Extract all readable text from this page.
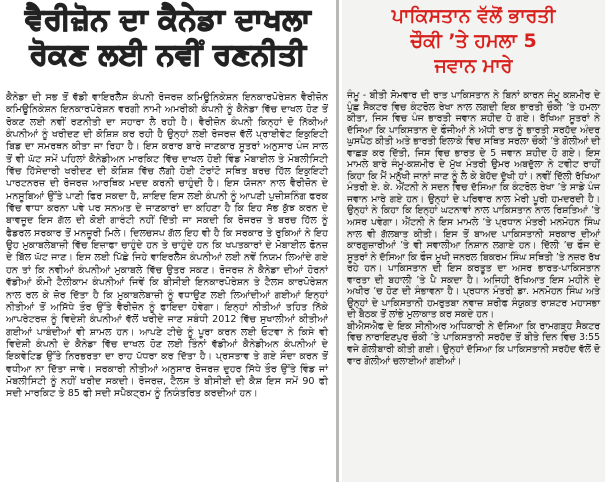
ਵੈਰੀਜ਼ੋਨ ਦਾ ਕੈਨੇਡਾ ਦਾਖਲਾ
ਰੋਕਣ ਲਈ ਨਵੀਂ ਰਣਨੀਤੀ
ਕੈਨੇਡਾ ਦੀ ਸਭ ਤੋਂ ਵੱਡੀ ਵਾਇਰਲੈੱਸ ਕੰਪਨੀ ਰੋਜਰਜ਼ ਕਮਿਊਨਿਕੇਸ਼ਨ ਇਨਕਾਰਪੋਰੇਸ਼ਨ ਵੈਰੀਜ਼ੋਨ ਕਮਿਊਨਿਕੇਸ਼ਨ ਇਨਕਾਰਪੋਰੇਸ਼ਨ ਵਰਗੀ ਨਾਮੀ ਅਮਰੀਕੀ ਕੰਪਨੀ ਨੂੰ ਕੈਨੇਡਾ ਵਿੱਚ ਦਾਖਲ ਹੋਣ ਤੋਂ ਰੋਕਣ ਲਈ ਨਵੀਂ ਰਣਨੀਤੀ ਦਾ ਸਹਾਰਾ ਲੈ ਰਹੀ ਹੈ। ਵੈਰੀਜ਼ੋਨ ਕੰਪਨੀ ਕਿਨ੍ਹਾਂ ਦੋ ਨਿੱਕੀਆਂ ਕੰਪਨੀਆਂ ਨੂੰ ਖਰੀਦਣ ਦੀ ਕੋਸ਼ਿਸ਼ ਕਰ ਰਹੀ ਹੈ ਉਨ੍ਹਾਂ ਲਈ ਰੋਜਰਜ਼ ਵੱਲੋਂ ਪ੍ਰਾਈਵੇਟ ਇਕੁਇਟੀ ਬਿਡ ਦਾ ਸਮਰਥਨ ਕੀਤਾ ਜਾ ਰਿਹਾ ਹੈ। ਇਸ ਕਰਾਰ ਬਾਰੇ ਜਾਣਕਾਰ ਸੂਤਰਾਂ ਅਨੁਸਾਰ ਪੰਜ ਸਾਲ ਤੋਂ ਵੀ ਘੱਟ ਸਮੇਂ ਪਹਿਲਾਂ ਕੈਨੇਡੀਅਨ ਮਾਰਕਿਟ ਵਿੱਚ ਦਾਖਲ ਹੋਈ ਵਿੰਡ ਮੋਬਾਈਲ ਤੇ ਮੋਬਲੀਸਿਟੀ ਵਿੱਚ ਹਿੱਸੇਦਾਰੀ ਖਰੀਦਣ ਦੀ ਕੋਸ਼ਿਸ਼ ਵਿੱਚ ਲੱਗੀ ਹੋਈ ਟੋਰਾਂਟੋ ਸਥਿਤ ਬਰਚ ਹਿੱਲ ਇਕੁਇਟੀ ਪਾਰਟਨਰਜ਼ ਦੀ ਰੋਜਰਜ਼ ਆਰਥਿਕ ਮਦਦ ਕਰਨੀ ਚਾਹੁੰਦੀ ਹੈ। ਇਸ ਯੋਜਨਾ ਨਾਲ ਵੈਰੀਜ਼ੋਨ ਦੇ ਮਨਸੂਬਿਆਂ ਉੱਤੇ ਪਾਣੀ ਫਿਰ ਸਕਦਾ ਹੈ, ਸ਼ਾਇਦ ਇਸ ਲਈ ਕੰਪਨੀ ਨੂੰ ਆਪਣੀ ਪੁਜ਼ੀਸ਼ਨਿੰਗ ਫਰਕ ਵਿੱਚ ਵਾਧਾ ਕਰਨਾ ਪਵੇ ਪਰ ਸਨਅਤ ਦੇ ਜਾਣਕਾਰਾਂ ਦਾ ਕਹਿਣਾ ਹੈ ਕਿ ਇਹ ਸੱਭ ਕੁੱਝ ਕਰਨ ਦੇ ਬਾਵਜੂਦ ਇਸ ਗੱਲ ਦੀ ਕੋਈ ਗਾਰੰਟੀ ਨਹੀਂ ਦਿੱਤੀ ਜਾ ਸਕਦੀ ਕਿ ਰੋਜਰਜ਼ ਤੇ ਬਰਚ ਹਿੱਲ ਨੂੰ ਫੈਡਰਲ ਸਰਕਾਰ ਤੋਂ ਮਨਜ਼ੂਰੀ ਮਿਲੇ। ਦਿਲਚਸਪ ਗੱਲ ਇਹ ਵੀ ਹੈ ਕਿ ਸਰਕਾਰ ਤੇ ਰੁਕਿਆਂ ਨੇ ਇਹ ਉਹ ਮੁਕਾਬਲੇਬਾਜ਼ੀ ਵਿੱਚ ਇਜ਼ਾਫਾ ਚਾਹੁੰਦੇ ਹਨ ਤੇ ਚਾਹੁੰਦੇ ਹਨ ਕਿ ਖਪਤਕਾਰਾਂ ਦੇ ਮੋਬਾਈਲ ਫੋਨਜ਼ ਦੇ ਬਿੱਲ ਘੱਟ ਜਾਣ। ਇਸ ਲਈ ਪਿੱਛੇ ਜਿਹੇ ਵਾਇਰਲੈੱਸ ਕੰਪਨੀਆਂ ਲਈ ਨਵੇਂ ਨਿਯਮ ਲਿਆਂਦੇ ਗਏ ਹਨ ਤਾਂ ਕਿ ਨਵੀਆਂ ਕੰਪਨੀਆਂ ਮੁਕਾਬਲੇ ਵਿੱਚ ਉਤਰ ਸਕਣ। ਰੋਜਰਜ਼ ਨੇ ਕੈਨੇਡਾ ਦੀਆਂ ਹੋਰਨਾਂ ਵੱਡੀਆਂ ਕੌਮੀ ਟੈਲੀਕਾਮ ਕੰਪਨੀਆਂ ਜਿਵੇਂ ਕਿ ਬੀਸੀਈ ਇਨਕਾਰਪੋਰੇਸ਼ਨ ਤੇ ਟੈਲਸ ਕਾਰਪੋਰੇਸ਼ਨ ਨਾਲ ਰਲ ਕੇ ਜ਼ੋਰ ਦਿੱਤਾ ਹੈ ਕਿ ਮੁਕਾਬਲੇਬਾਜ਼ੀ ਨੂੰ ਵਧਾਉਣ ਲਈ ਲਿਆਂਦੀਆਂ ਗਈਆਂ ਇਨ੍ਹਾਂ ਨੀਤੀਆਂ ਤੋਂ ਅਸਿੱਧੇ ਤੌਰ ਉੱਤੇ ਵੈਰੀਜ਼ੋਨ ਨੂੰ ਫਾਇਦਾ ਹੋਵੇਗਾ। ਇਨ੍ਹਾਂ ਨੀਤੀਆਂ ਤਹਿਤ ਨਿੱਕੇ ਆਪਰੇਟਰਜ਼ ਨੂੰ ਵਿਦੇਸ਼ੀ ਕੰਪਨੀਆਂ ਵੱਲੋਂ ਖਰੀਦੇ ਜਾਣ ਸਬੰਧੀ 2012 ਵਿੱਚ ਸੁਖਾਲੀਆਂ ਕੀਤੀਆਂ ਗਈਆਂ ਪਾਬੰਦੀਆਂ ਵੀ ਸ਼ਾਮਲ ਹਨ। ਆਪਣੇ ਟੀਚੇ ਨੂੰ ਪੂਰਾ ਕਰਨ ਲਈ ਓਟਵਾ ਨੇ ਕਿਸੇ ਵੀ ਵਿਦੇਸ਼ੀ ਕੰਪਨੀ ਦੇ ਕੈਨੇਡਾ ਵਿੱਚ ਦਾਖਲ ਹੋਣ ਲਈ ਤਿੰਨਾਂ ਵੱਡੀਆਂ ਕੈਨੇਡੀਅਨ ਕੰਪਨੀਆਂ ਦੇ ਇਕਵੇਟਿਡ ਉੱਤੇ ਨਿਰਭਰਤਾ ਦਾ ਰਾਹ ਪੱਧਰਾ ਕਰ ਦਿੱਤਾ ਹੈ। ਪ੍ਰਸਤਾਵ ਤੇ ਗਏ ਸੌਦਾ ਕਰਨ ਤੋਂ ਵਧੀਆ ਨਾ ਦਿੱਤਾ ਜਾਵੇ। ਸਰਕਾਰੀ ਨੀਤੀਆਂ ਅਨੁਸਾਰ ਰੋਜਰਜ਼ ਦੁਹਰ ਸਿੱਧੇ ਤੌਰ ਉੱਤੇ ਵਿੰਡ ਜਾਂ ਮੋਬਲੀਸਿਟੀ ਨੂੰ ਨਹੀਂ ਖਰੀਦ ਸਕਦੀ। ਰੋਜਰਜ਼, ਟੈਲਸ ਤੇ ਬੀਸੀਈ ਦੀ ਕੈਸ਼ ਇਸ ਸਮੇਂ 90 ਫੀ ਸਦੀ ਮਾਰਕਿਟ ਤੇ 85 ਫੀ ਸਦੀ ਸਪੈਕਟ੍ਰਮ ਨੂੰ ਨਿਯੰਤਰਿਤ ਕਰਦੀਆਂ ਹਨ।
ਪਾਕਿਸਤਾਨ ਵੱਲੋਂ ਭਾਰਤੀ
ਚੌਕੀ ’ਤੇ ਹਮਲਾ 5
ਜਵਾਨ ਮਾਰੇ

ਜੰਮੂ - ਬੀਤੀ ਸੋਮਵਾਰ ਦੀ ਰਾਤ ਪਾਕਿਸਤਾਨ ਨੇ ਬਿਨਾਂ ਕਾਰਨ ਜੰਮੂ ਕਸ਼ਮੀਰ ਦੇ ਪੁੰਛ ਸੈਕਟਰ ਵਿਚ ਕੰਟਰੋਲ ਰੇਖਾ ਨਾਲ ਲਗਦੀ ਇਕ ਭਾਰਤੀ ਚੌਕੀ ’ਤੇ ਹਮਲਾ ਕੀਤਾ, ਜਿਸ ਵਿਚ ਪੰਜ ਭਾਰਤੀ ਜਵਾਨ ਸ਼ਹੀਦ ਹੋ ਗਏ। ਰੱਖਿਆ ਸੂਤਰਾਂ ਨੇ ਦੱਸਿਆ ਕਿ ਪਾਕਿਸਤਾਨ ਦੇ ਫੌਜੀਆਂ ਨੇ ਅੱਧੀ ਰਾਤ ਨੂੰ ਭਾਰਤੀ ਸਰਹੱਦ ਅੰਦਰ ਘੁਸਪੈਠ ਕੀਤੀ ਅਤੇ ਭਾਰਤੀ ਇਲਾਕੇ ਵਿਚ ਸਥਿਤ ਸਰਲਾ ਚੌਕੀ ’ਤੇ ਗੋਲੀਆਂ ਦੀ ਵਾਛੜ ਕਰ ਦਿੱਤੀ, ਜਿਸ ਵਿਚ ਭਾਰਤ ਦੇ 5 ਜਵਾਨ ਸ਼ਹੀਦ ਹੋ ਗਏ। ਇਸ ਮਾਮਲੇ ਬਾਰੇ ਜੰਮੂ-ਕਸ਼ਮੀਰ ਦੇ ਮੁੱਖ ਮੰਤਰੀ ਉਮਰ ਅਬਦੁੱਲਾ ਨੇ ਟਵੀਟ ਰਾਹੀਂ ਕਿਹਾ ਕਿ ਮੈਂ ਮਨੁੱਖੀ ਜਾਨਾਂ ਜਾਣ ਨੂੰ ਲੈ ਕੇ ਬੇਹੱਦ ਦੁੱਖੀ ਹਾਂ। ਨਵੀਂ ਦਿੱਲੀ ਰੱਖਿਆ ਮੰਤਰੀ ਏ. ਕੇ. ਐਂਟਨੀ ਨੇ ਸਦਨ ਵਿਚ ਦੱਸਿਆ ਕਿ ਕੰਟਰੋਲ ਰੇਖਾ ’ਤੇ ਸਾਡੇ ਪੰਜ ਜਵਾਨ ਮਾਰੇ ਗਏ ਹਨ। ਉਨ੍ਹਾਂ ਦੇ ਪਰਿਵਾਰ ਨਾਲ ਮੇਰੀ ਪੂਰੀ ਹਮਦਰਦੀ ਹੈ। ਉਨ੍ਹਾਂ ਨੇ ਕਿਹਾ ਕਿ ਇਨ੍ਹਾਂ ਘਟਨਾਵਾਂ ਨਾਲ ਪਾਕਿਸਤਾਨ ਨਾਲ ਰਿਸ਼ਤਿਆਂ ’ਤੇ ਅਸਰ ਪਵੇਗਾ। ਐਂਟਨੀ ਨੇ ਇਸ ਮਾਮਲੇ ’ਤੇ ਪ੍ਰਧਾਨ ਮੰਤਰੀ ਮਨਮੋਹਨ ਸਿੰਘ ਨਾਲ ਵੀ ਗੱਲਬਾਤ ਕੀਤੀ। ਇਸ ਤੋਂ ਬਾਅਦ ਪਾਕਿਸਤਾਨੀ ਸਰਕਾਰ ਦੀਆਂ ਕਾਰਗੁਜ਼ਾਰੀਆਂ ’ਤੇ ਵੀ ਸਵਾਲੀਆ ਨਿਸ਼ਾਨ ਲਗਾਏ ਹਨ। ਦਿੱਲੀ ’ਚ ਫੌਜ ਦੇ ਸੂਤਰਾਂ ਨੇ ਦੱਸਿਆ ਕਿ ਫੌਜ ਮੁਖੀ ਜਨਰਲ ਬਿਕਰਮ ਸਿੰਘ ਸਥਿਤੀ ’ਤੇ ਨਜ਼ਰ ਰੱਖ ਰਹੇ ਹਨ। ਪਾਕਿਸਤਾਨ ਦੀ ਇਸ ਕਰਤੂਤ ਦਾ ਅਸਰ ਭਾਰਤ-ਪਾਕਿਸਤਾਨ ਵਾਰਤਾ ਦੀ ਬਹਾਲੀ ’ਤੇ ਪੈ ਸਕਦਾ ਹੈ। ਅਜਿਹੀ ਰੱਖਿਆਤ ਇਸ ਮਹੀਨੇ ਦੇ ਅਖੀਰ ’ਚ ਹੋਣ ਦੀ ਸੰਭਾਵਨਾ ਹੈ। ਪ੍ਰਧਾਨ ਮੰਤਰੀ ਡਾ. ਮਨਮੋਹਨ ਸਿੰਘ ਅਤੇ ਉਨ੍ਹਾਂ ਦੇ ਪਾਕਿਸਤਾਨੀ ਹਮਰੁਤਬਾ ਨਵਾਜ਼ ਸ਼ਰੀਫ ਸੰਯੁਕਤ ਰਾਸ਼ਟਰ ਮਹਾਸਭਾ ਦੀ ਬੈਠਕ ਤੋਂ ਲਾਂਭੇ ਮੁਲਾਕਾਤ ਕਰ ਸਕਦੇ ਹਨ।

ਬੀਐਸਐਫ ਦੇ ਇਕ ਸੀਨੀਅਰ ਅਧਿਕਾਰੀ ਨੇ ਦੱਸਿਆ ਕਿ ਰਾਮਗੜ੍ਹ ਸੈਕਟਰ ਵਿਚ ਨਾਰਾਇਣਪੁਰ ਚੌਕੀ ’ਤੇ ਪਾਕਿਸਤਾਨੀ ਸਰਹੱਦ ਤੋਂ ਬੀਤੇ ਦਿਨ ਵਿਚ 3:55 ਵਜੇ ਗੋਲੀਬਾਰੀ ਕੀਤੀ ਗਈ। ਉਨ੍ਹਾਂ ਦੱਸਿਆ ਕਿ ਪਾਕਿਸਤਾਨੀ ਸਰਹੱਦ ਵੱਲੋਂ ਦੋ ਵਾਰ ਗੋਲੀਆਂ ਚਲਾਈਆਂ ਗਈਆਂ।
